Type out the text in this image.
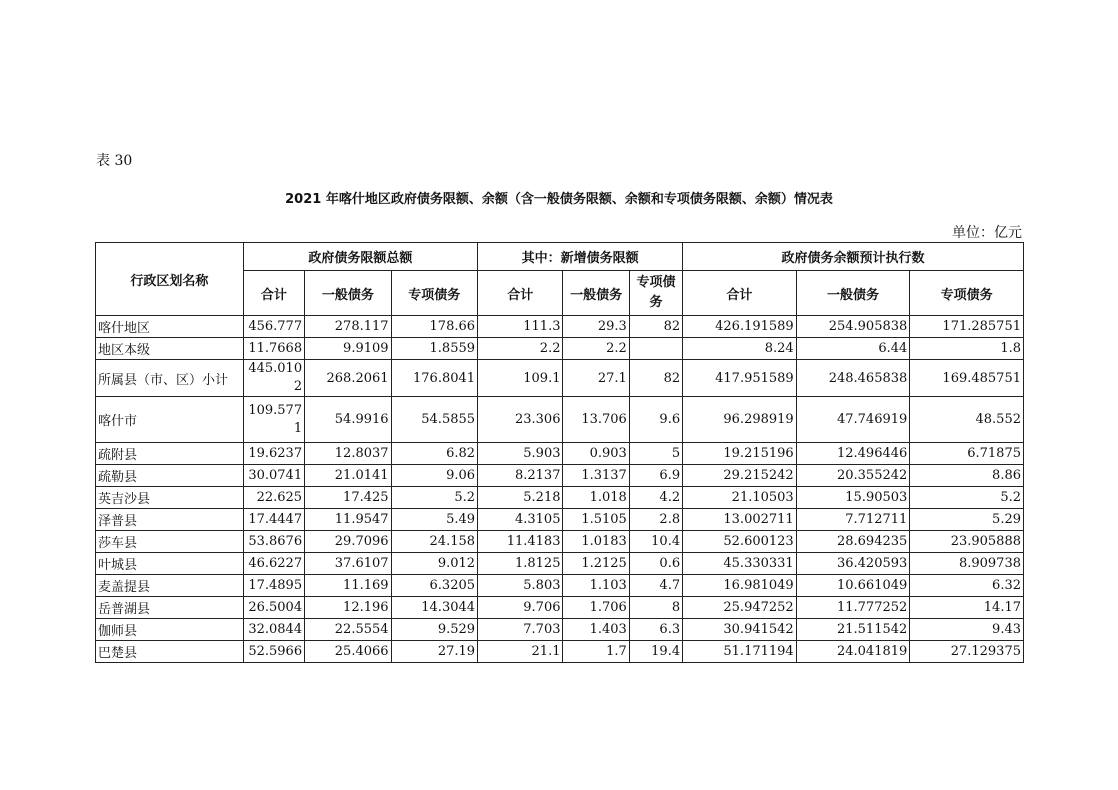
表 30
2021 年喀什地区政府债务限额、余额（含一般债务限额、余额和专项债务限额、余额）情况表
单位：亿元
行政区划名称	政府债务限额总额			其中：新增债务限额			政府债务余额预计执行数		
	合计	一般债务	专项债务	合计	一般债务	专项债务	合计	一般债务	专项债务
喀什地区	456.777	278.117	178.66	111.3	29.3	82	426.191589	254.905838	171.285751
地区本级	11.7668	9.9109	1.8559	2.2	2.2		8.24	6.44	1.8
所属县（市、区）小计	445.0102	268.2061	176.8041	109.1	27.1	82	417.951589	248.465838	169.485751
喀什市	109.5771	54.9916	54.5855	23.306	13.706	9.6	96.298919	47.746919	48.552
疏附县	19.6237	12.8037	6.82	5.903	0.903	5	19.215196	12.496446	6.71875
疏勒县	30.0741	21.0141	9.06	8.2137	1.3137	6.9	29.215242	20.355242	8.86
英吉沙县	22.625	17.425	5.2	5.218	1.018	4.2	21.10503	15.90503	5.2
泽普县	17.4447	11.9547	5.49	4.3105	1.5105	2.8	13.002711	7.712711	5.29
莎车县	53.8676	29.7096	24.158	11.4183	1.0183	10.4	52.600123	28.694235	23.905888
叶城县	46.6227	37.6107	9.012	1.8125	1.2125	0.6	45.330331	36.420593	8.909738
麦盖提县	17.4895	11.169	6.3205	5.803	1.103	4.7	16.981049	10.661049	6.32
岳普湖县	26.5004	12.196	14.3044	9.706	1.706	8	25.947252	11.777252	14.17
伽师县	32.0844	22.5554	9.529	7.703	1.403	6.3	30.941542	21.511542	9.43
巴楚县	52.5966	25.4066	27.19	21.1	1.7	19.4	51.171194	24.041819	27.129375
